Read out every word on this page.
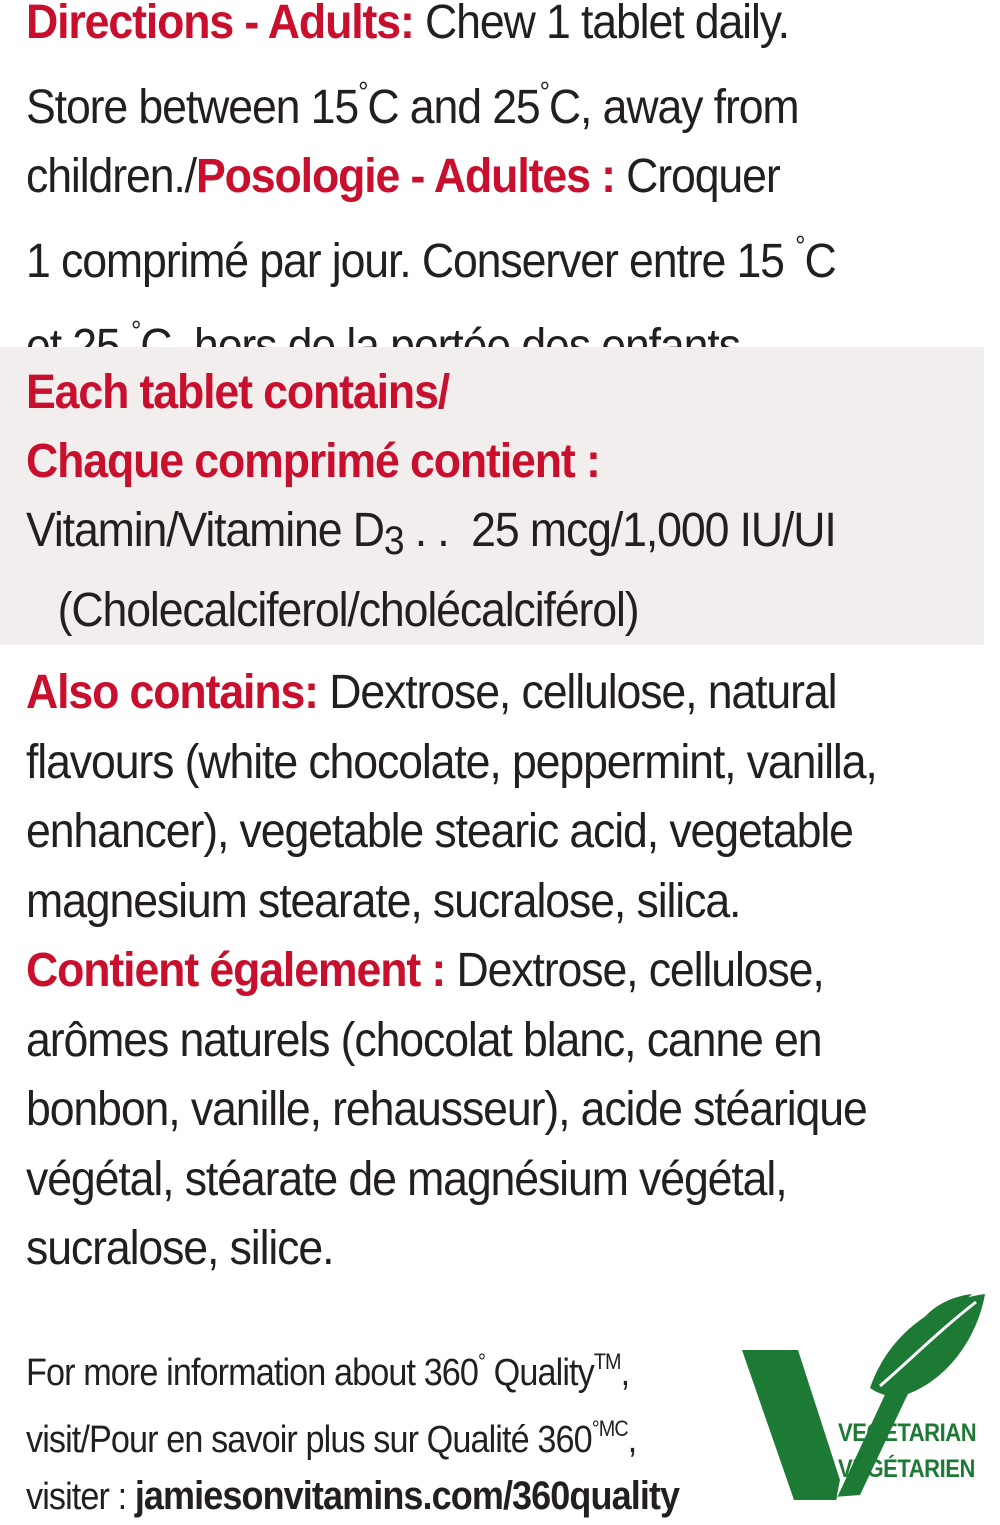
Directions - Adults: Chew 1 tablet daily.
Store between 15°C and 25°C, away from
children./Posologie - Adultes : Croquer
1 comprimé par jour. Conserver entre 15 °C
°
Each tablet contains/
Chaque comprimé contient :
Vitamin/Vitamine D3 . .  25 mcg/1,000 IU/UI
(Cholecalciferol/cholécalciférol)
Also contains: Dextrose, cellulose, natural
flavours (white chocolate, peppermint, vanilla,
enhancer), vegetable stearic acid, vegetable
magnesium stearate, sucralose, silica.
Contient également : Dextrose, cellulose,
arômes naturels (chocolat blanc, canne en
bonbon, vanille, rehausseur), acide stéarique
végétal, stéarate de magnésium végétal,
sucralose, silice.
For more information about 360° Quality™,
visit/Pour en savoir plus sur Qualité $360^{^\circ MC}$,
visiter : jamiesonvitamins.com/360quality
VEGETARIAN
VÉGÉTARIEN
